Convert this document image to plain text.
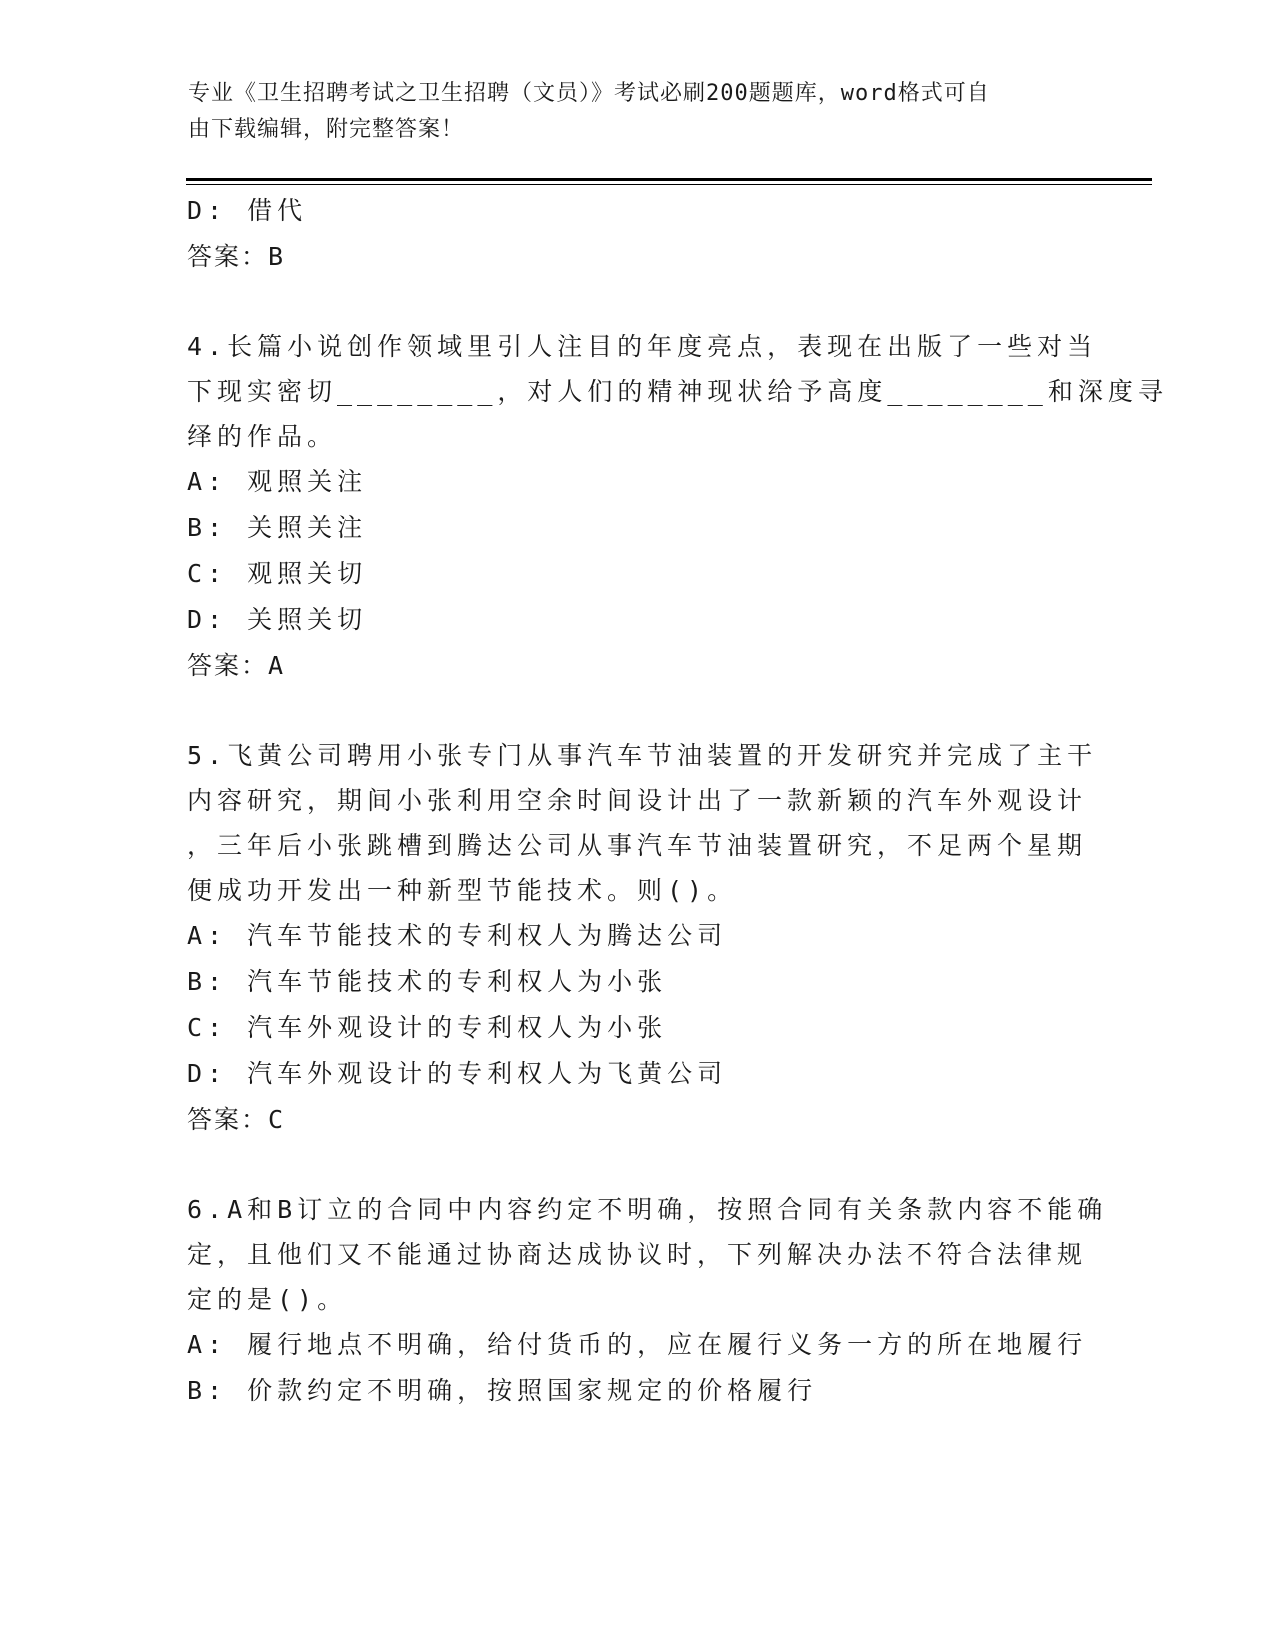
专业《卫生招聘考试之卫生招聘（文员）》考试必刷200题题库，word格式可自
由下载编辑，附完整答案！
D: 借代
答案：B
4.长篇小说创作领域里引人注目的年度亮点，表现在出版了一些对当
下现实密切________，对人们的精神现状给予高度________和深度寻
绎的作品。
A: 观照关注
B: 关照关注
C: 观照关切
D: 关照关切
答案：A
5.飞黄公司聘用小张专门从事汽车节油装置的开发研究并完成了主干
内容研究，期间小张利用空余时间设计出了一款新颖的汽车外观设计
，三年后小张跳槽到腾达公司从事汽车节油装置研究，不足两个星期
便成功开发出一种新型节能技术。则()。
A: 汽车节能技术的专利权人为腾达公司
B: 汽车节能技术的专利权人为小张
C: 汽车外观设计的专利权人为小张
D: 汽车外观设计的专利权人为飞黄公司
答案：C
6.A和B订立的合同中内容约定不明确，按照合同有关条款内容不能确
定，且他们又不能通过协商达成协议时，下列解决办法不符合法律规
定的是()。
A: 履行地点不明确，给付货币的，应在履行义务一方的所在地履行
B: 价款约定不明确，按照国家规定的价格履行
